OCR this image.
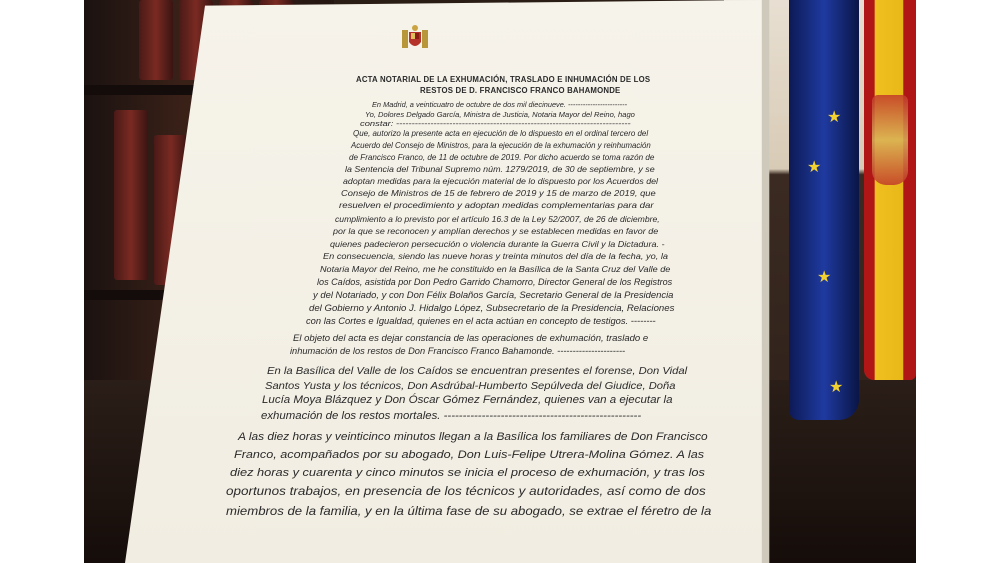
★
★
★
★
ACTA NOTARIAL DE LA EXHUMACIÓN, TRASLADO E INHUMACIÓN DE LOS
RESTOS DE D. FRANCISCO FRANCO BAHAMONDE
En Madrid, a veinticuatro de octubre de dos mil diecinueve. ------------------------
Yo, Dolores Delgado García, Ministra de Justicia, Notaria Mayor del Reino, hago
constar: ---------------------------------------------------------------------------
Que, autorizo la presente acta en ejecución de lo dispuesto en el ordinal tercero del
Acuerdo del Consejo de Ministros, para la ejecución de la exhumación y reinhumación
de Francisco Franco, de 11 de octubre de 2019. Por dicho acuerdo se toma razón de
la Sentencia del Tribunal Supremo núm. 1279/2019, de 30 de septiembre, y se
adoptan medidas para la ejecución material de lo dispuesto por los Acuerdos del
Consejo de Ministros de 15 de febrero de 2019 y 15 de marzo de 2019, que
resuelven el procedimiento y adoptan medidas complementarias para dar
cumplimiento a lo previsto por el artículo 16.3 de la Ley 52/2007, de 26 de diciembre,
por la que se reconocen y amplían derechos y se establecen medidas en favor de
quienes padecieron persecución o violencia durante la Guerra Civil y la Dictadura. -
En consecuencia, siendo las nueve horas y treinta minutos del día de la fecha, yo, la
Notaria Mayor del Reino, me he constituido en la Basílica de la Santa Cruz del Valle de
los Caídos, asistida por Don Pedro Garrido Chamorro, Director General de los Registros
y del Notariado, y con Don Félix Bolaños García, Secretario General de la Presidencia
del Gobierno y Antonio J. Hidalgo López, Subsecretario de la Presidencia, Relaciones
con las Cortes e Igualdad, quienes en el acta actúan en concepto de testigos. --------
El objeto del acta es dejar constancia de las operaciones de exhumación, traslado e
inhumación de los restos de Don Francisco Franco Bahamonde. ----------------------
En la Basílica del Valle de los Caídos se encuentran presentes el forense, Don Vidal
Santos Yusta y los técnicos, Don Asdrúbal-Humberto Sepúlveda del Giudice, Doña
Lucía Moya Blázquez y Don Óscar Gómez Fernández, quienes van a ejecutar la
exhumación de los restos mortales. ----------------------------------------------------
A las diez horas y veinticinco minutos llegan a la Basílica los familiares de Don Francisco
Franco, acompañados por su abogado, Don Luis-Felipe Utrera-Molina Gómez. A las
diez horas y cuarenta y cinco minutos se inicia el proceso de exhumación, y tras los
oportunos trabajos, en presencia de los técnicos y autoridades, así como de dos
miembros de la familia, y en la última fase de su abogado, se extrae el féretro de la
